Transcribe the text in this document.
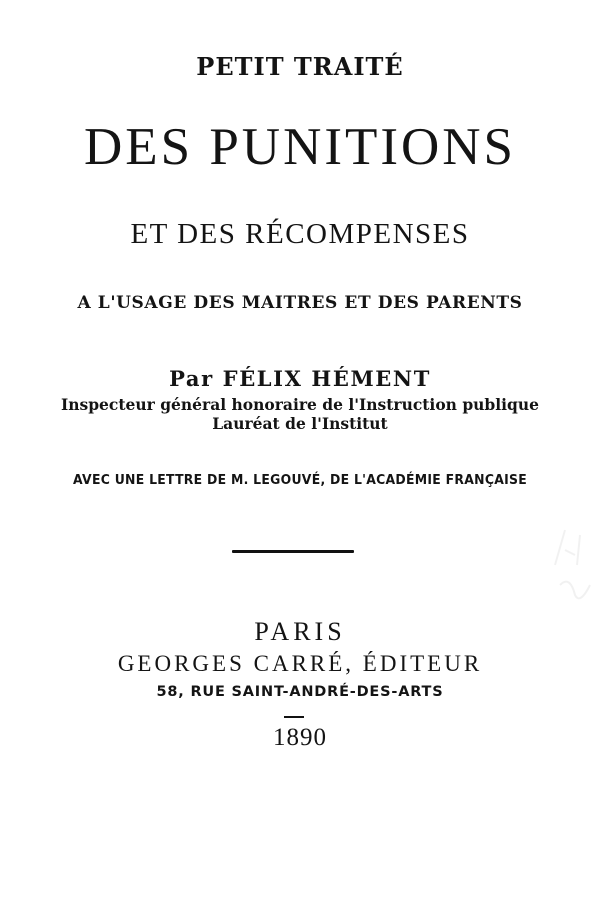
PETIT TRAITÉ
DES PUNITIONS
ET DES RÉCOMPENSES
A L'USAGE DES MAITRES ET DES PARENTS
Par FÉLIX HÉMENT
Inspecteur général honoraire de l'Instruction publique
Lauréat de l'Institut
AVEC UNE LETTRE DE M. LEGOUVÉ, DE L'ACADÉMIE FRANÇAISE
PARIS
GEORGES CARRÉ, ÉDITEUR
58, RUE SAINT-ANDRÉ-DES-ARTS
1890
